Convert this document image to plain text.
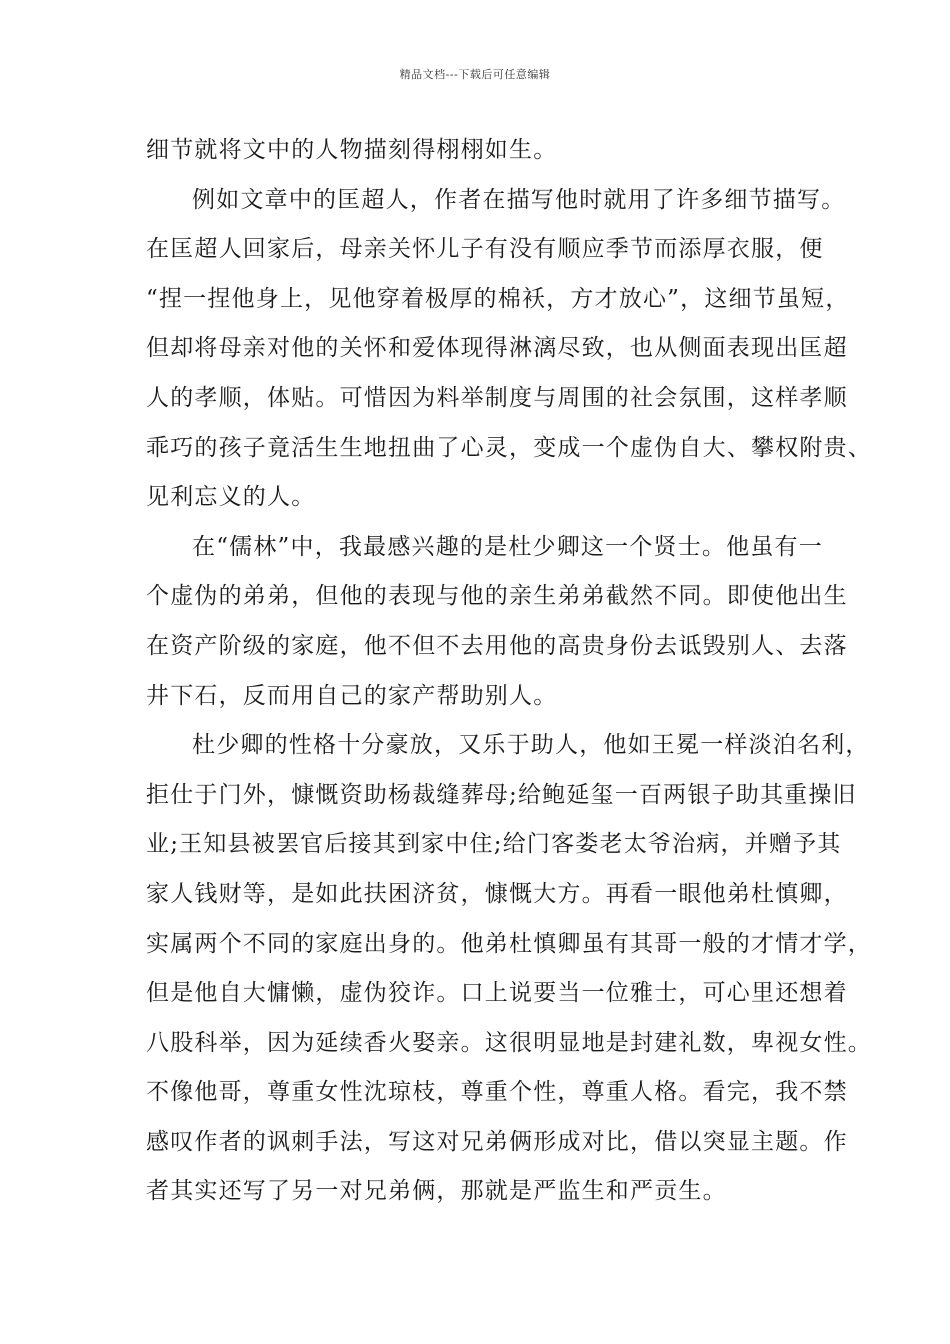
精品文档---下载后可任意编辑
细节就将文中的人物描刻得栩栩如生。
例如文章中的匡超人，作者在描写他时就用了许多细节描写。
在匡超人回家后，母亲关怀儿子有没有顺应季节而添厚衣服，便
“捏一捏他身上，见他穿着极厚的棉袄，方才放心”，这细节虽短，
但却将母亲对他的关怀和爱体现得淋漓尽致，也从侧面表现出匡超
人的孝顺，体贴。可惜因为料举制度与周围的社会氛围，这样孝顺
乖巧的孩子竟活生生地扭曲了心灵，变成一个虚伪自大、攀权附贵、
见利忘义的人。
在“儒林”中，我最感兴趣的是杜少卿这一个贤士。他虽有一
个虚伪的弟弟，但他的表现与他的亲生弟弟截然不同。即使他出生
在资产阶级的家庭，他不但不去用他的高贵身份去诋毁别人、去落
井下石，反而用自己的家产帮助别人。
杜少卿的性格十分豪放，又乐于助人，他如王冕一样淡泊名利，
拒仕于门外，慷慨资助杨裁缝葬母;给鲍延玺一百两银子助其重操旧
业;王知县被罢官后接其到家中住;给门客娄老太爷治病，并赠予其
家人钱财等，是如此扶困济贫，慷慨大方。再看一眼他弟杜慎卿，
实属两个不同的家庭出身的。他弟杜慎卿虽有其哥一般的才情才学，
但是他自大慵懒，虚伪狡诈。口上说要当一位雅士，可心里还想着
八股科举，因为延续香火娶亲。这很明显地是封建礼数，卑视女性。
不像他哥，尊重女性沈琼枝，尊重个性，尊重人格。看完，我不禁
感叹作者的讽刺手法，写这对兄弟俩形成对比，借以突显主题。作
者其实还写了另一对兄弟俩，那就是严监生和严贡生。
